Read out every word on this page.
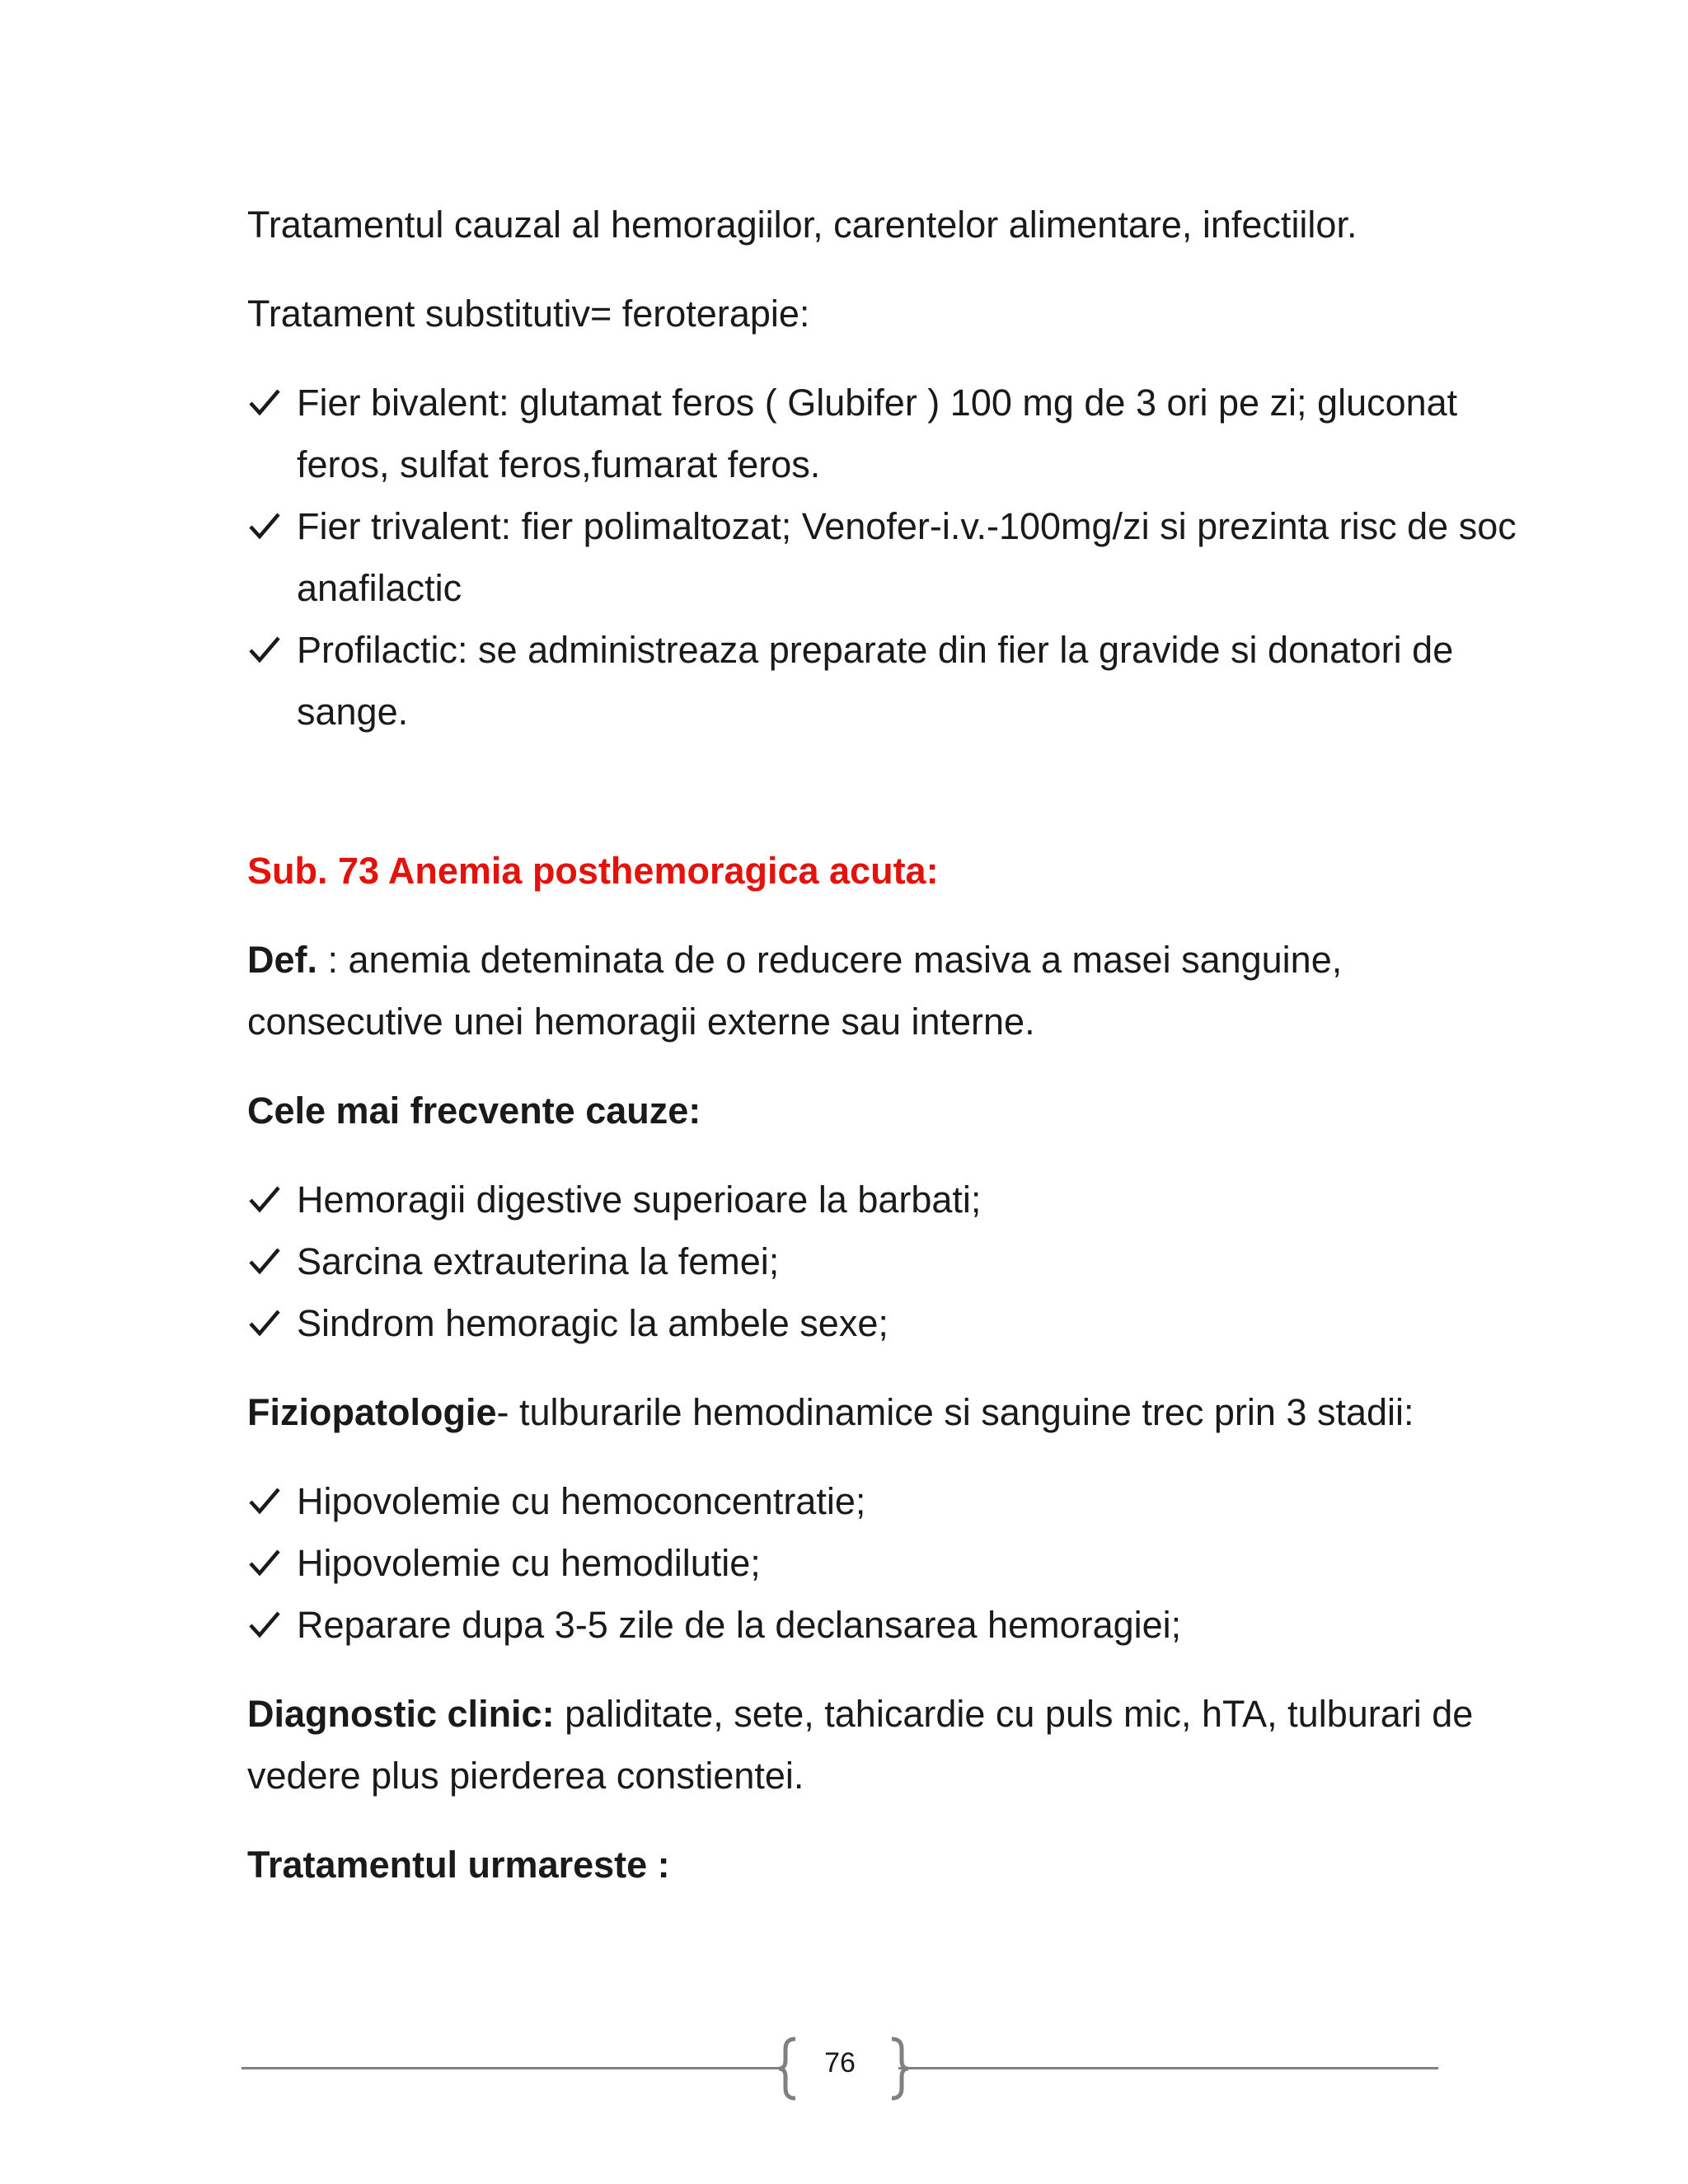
Tratamentul cauzal al hemoragiilor, carentelor alimentare, infectiilor.

Tratament substitutiv= feroterapie:

Fier bivalent: glutamat feros ( Glubifer ) 100 mg de 3 ori pe zi; gluconat feros, sulfat feros,fumarat feros.
Fier trivalent: fier polimaltozat; Venofer-i.v.-100mg/zi si prezinta risc de soc anafilactic
Profilactic: se administreaza preparate din fier la gravide si donatori de sange.
Sub. 73 Anemia posthemoragica acuta:

Def. : anemia deteminata de o reducere masiva a masei sanguine, consecutive unei hemoragii externe sau interne.

Cele mai frecvente cauze:

Hemoragii digestive superioare la barbati;
Sarcina extrauterina la femei;
Sindrom hemoragic la ambele sexe;

Fiziopatologie- tulburarile hemodinamice si sanguine trec prin 3 stadii:

Hipovolemie cu hemoconcentratie;
Hipovolemie cu hemodilutie;
Reparare dupa 3-5 zile de la declansarea hemoragiei;

Diagnostic clinic: paliditate, sete, tahicardie cu puls mic, hTA, tulburari de vedere plus pierderea constientei.

Tratamentul urmareste :

76
